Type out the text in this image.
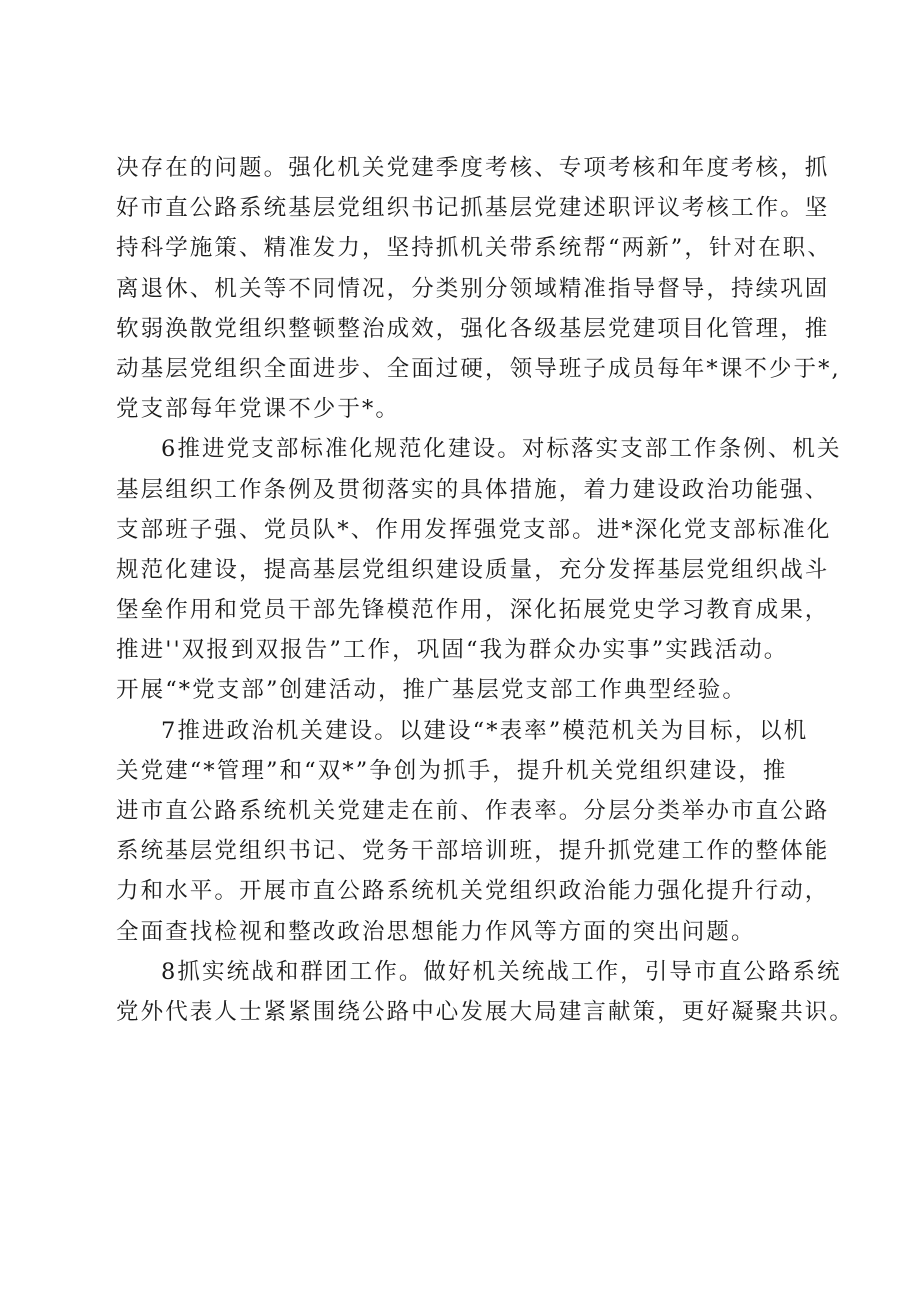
决存在的问题。强化机关党建季度考核、专项考核和年度考核，抓
好市直公路系统基层党组织书记抓基层党建述职评议考核工作。坚
持科学施策、精准发力，坚持抓机关带系统帮“两新”，针对在职、
离退休、机关等不同情况，分类别分领域精准指导督导，持续巩固
软弱涣散党组织整顿整治成效，强化各级基层党建项目化管理，推
动基层党组织全面进步、全面过硬，领导班子成员每年*课不少于*,
党支部每年党课不少于*。
6推进党支部标准化规范化建设。对标落实支部工作条例、机关
基层组织工作条例及贯彻落实的具体措施，着力建设政治功能强、
支部班子强、党员队*、作用发挥强党支部。进*深化党支部标准化
规范化建设，提高基层党组织建设质量，充分发挥基层党组织战斗
堡垒作用和党员干部先锋模范作用，深化拓展党史学习教育成果，
推进''双报到双报告”工作，巩固“我为群众办实事”实践活动。
开展“*党支部”创建活动，推广基层党支部工作典型经验。
7推进政治机关建设。以建设“*表率”模范机关为目标，以机
关党建“*管理”和“双*”争创为抓手，提升机关党组织建设，推
进市直公路系统机关党建走在前、作表率。分层分类举办市直公路
系统基层党组织书记、党务干部培训班，提升抓党建工作的整体能
力和水平。开展市直公路系统机关党组织政治能力强化提升行动，
全面查找检视和整改政治思想能力作风等方面的突出问题。
8抓实统战和群团工作。做好机关统战工作，引导市直公路系统
党外代表人士紧紧围绕公路中心发展大局建言献策，更好凝聚共识。
